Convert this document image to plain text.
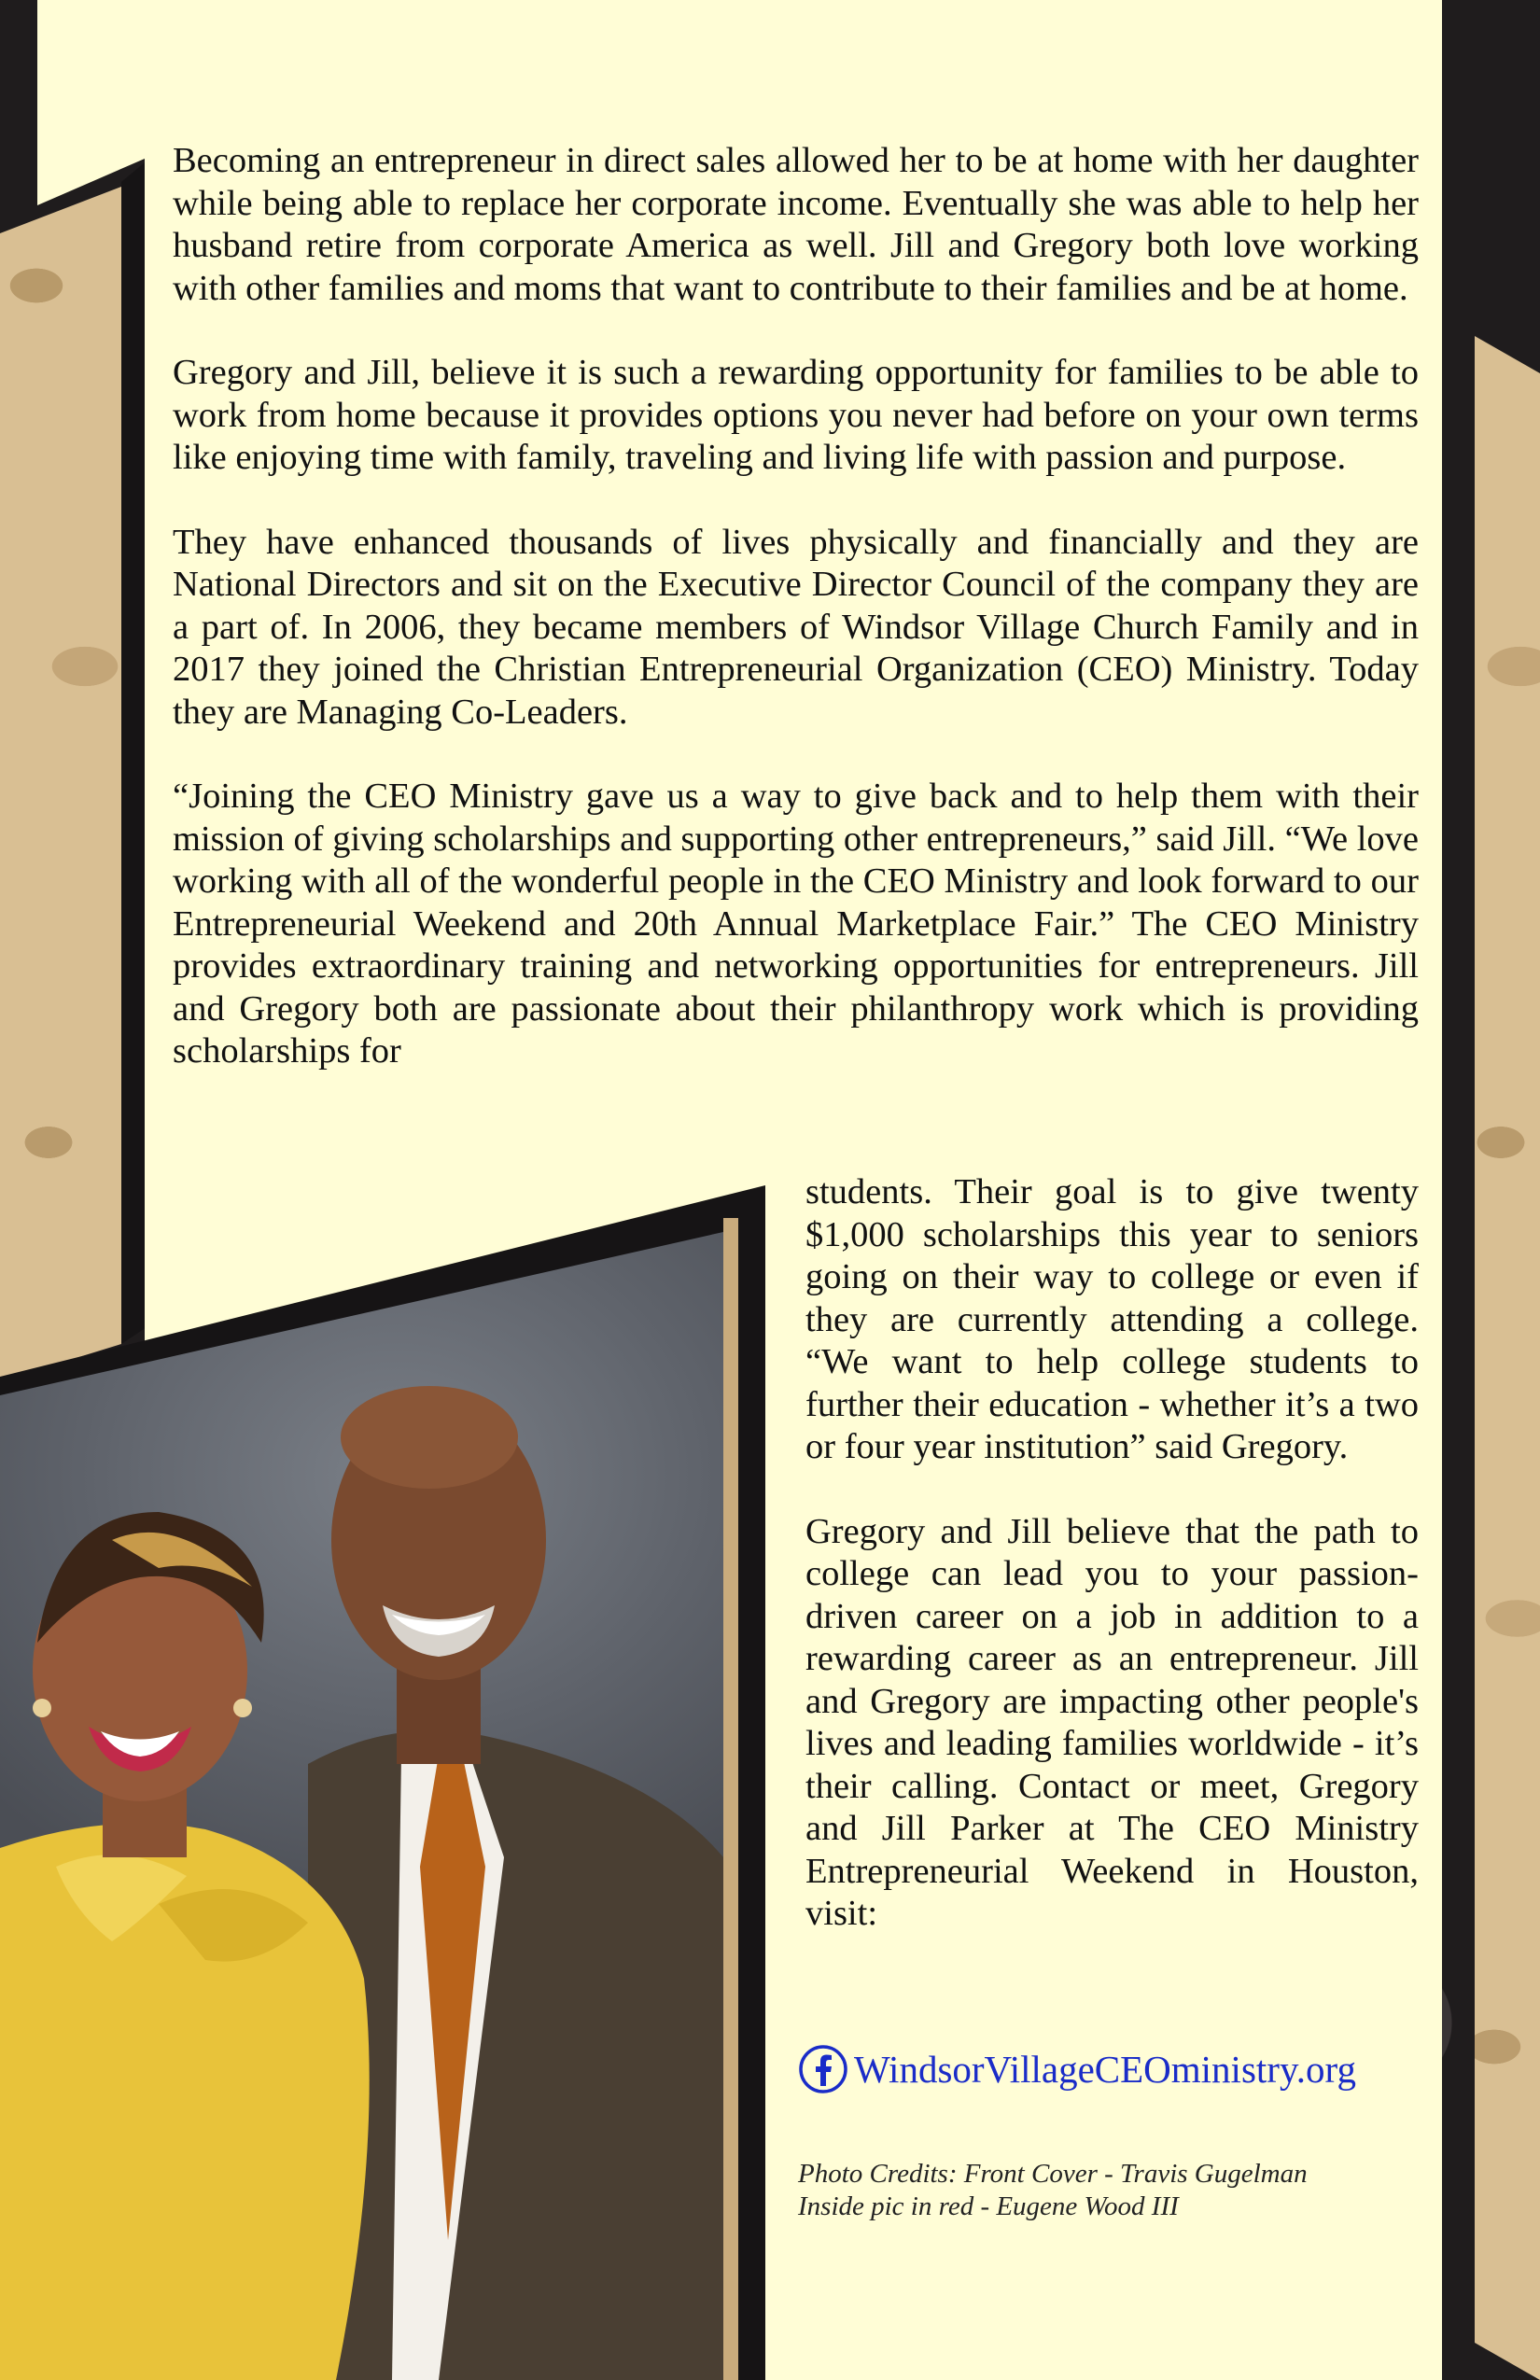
Becoming an entrepreneur in direct sales allowed her to be at home with her daughter while being able to replace her corporate income. Eventually she was able to help her husband retire from corporate America as well. Jill and Gregory both love working with other families and moms that want to contribute to their families and be at home.

Gregory and Jill, believe it is such a rewarding opportunity for families to be able to work from home because it provides options you never had before on your own terms like enjoying time with family, traveling and living life with passion and purpose.

They have enhanced thousands of lives physically and financially and they are National Directors and sit on the Executive Director Council of the company they are a part of. In 2006, they became members of Windsor Village Church Family and in 2017 they joined the Christian Entrepreneurial Organization (CEO) Ministry. Today they are Managing Co-Leaders.

“Joining the CEO Ministry gave us a way to give back and to help them with their mission of giving scholarships and supporting other entrepreneurs,” said Jill. “We love working with all of the wonderful people in the CEO Ministry and look forward to our Entrepreneurial Weekend and 20th Annual Marketplace Fair.” The CEO Ministry provides extraordinary training and networking opportunities for entrepreneurs. Jill and Gregory both are passionate about their philanthropy work which is providing scholarships for

students. Their goal is to give twenty $1,000 scholarships this year to seniors going on their way to college or even if they are currently attending a college. “We want to help college students to further their education - whether it’s a two or four year institution” said Gregory.

Gregory and Jill believe that the path to college can lead you to your passion-driven career on a job in addition to a rewarding career as an entrepreneur. Jill and Gregory are impacting other people's lives and leading families worldwide - it’s their calling. Contact or meet, Gregory and Jill Parker at The CEO Ministry Entrepreneurial Weekend in Houston, visit:

WindsorVillageCEOministry.org
Photo Credits: Front Cover - Travis Gugelman
Inside pic in red - Eugene Wood III
